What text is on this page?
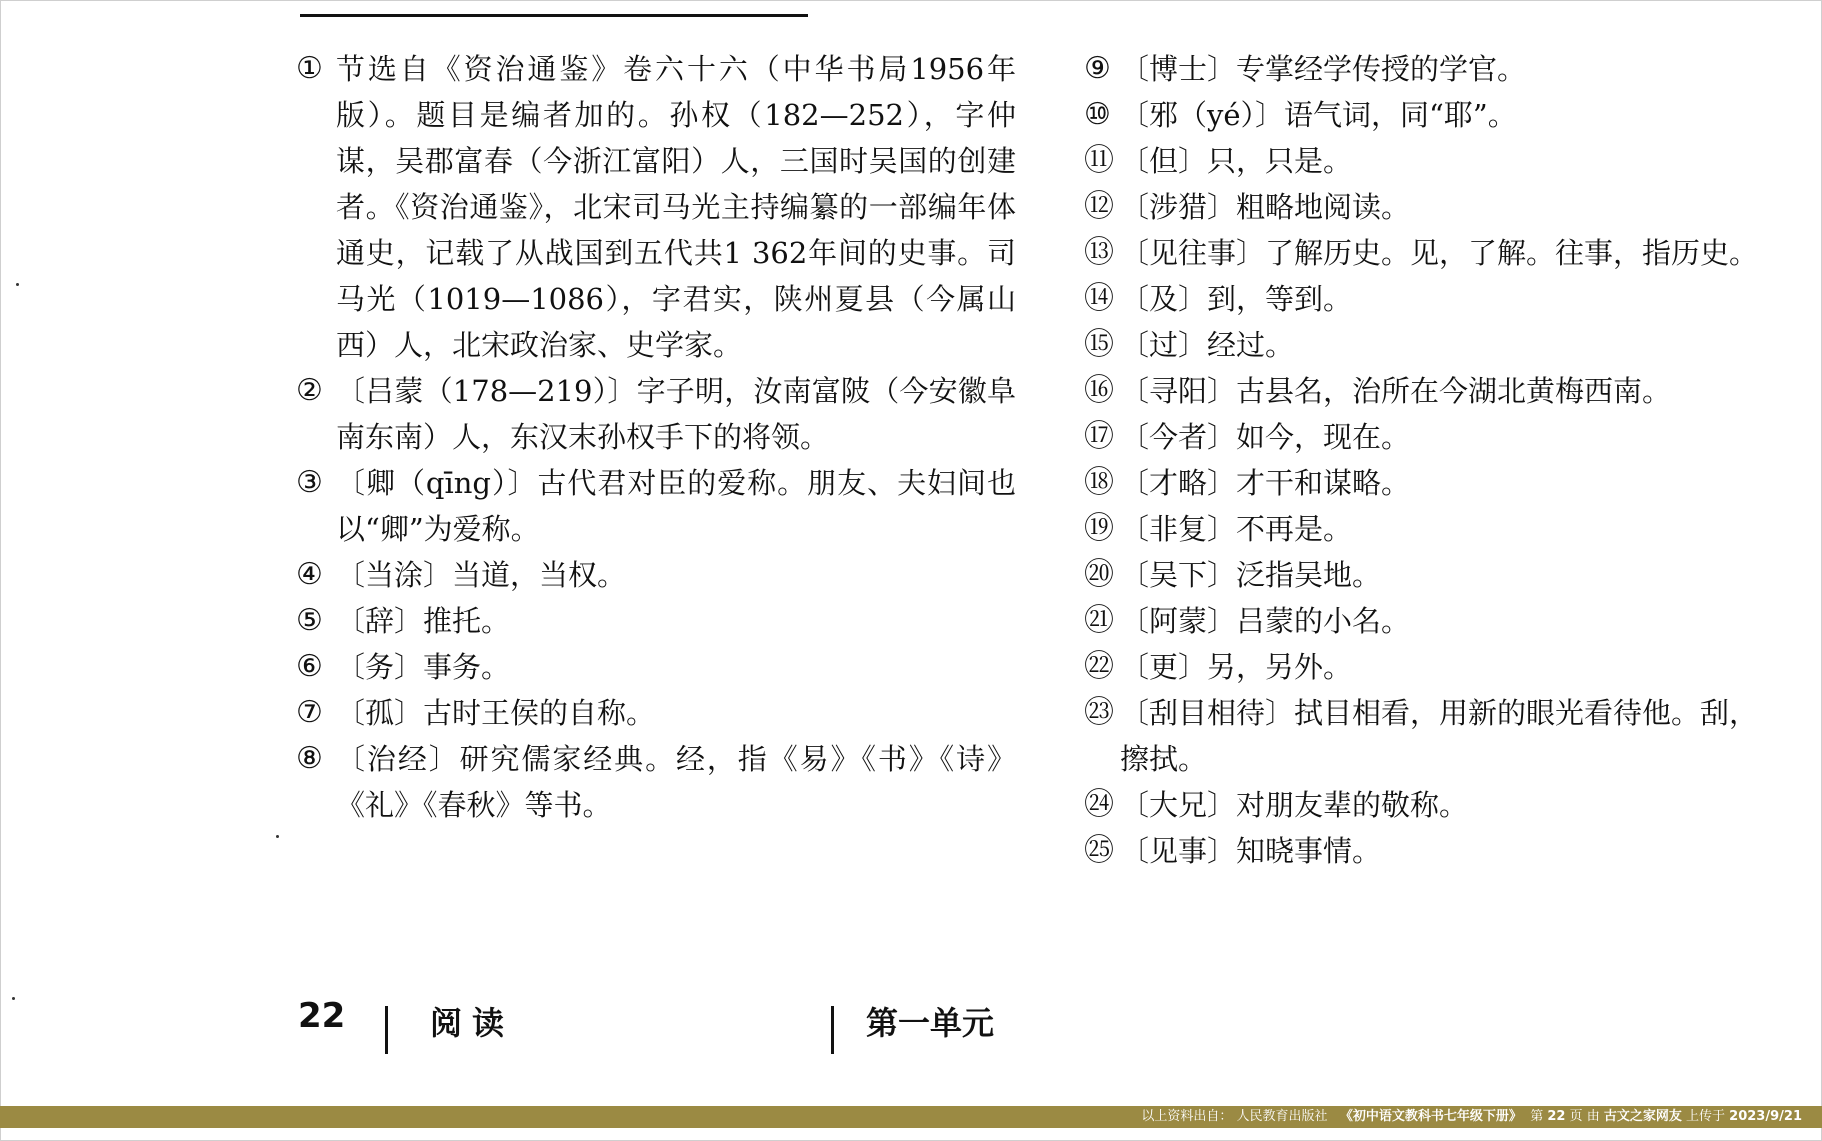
① 节选自《资治通鉴》卷六十六（中华书局1956年版）。题目是编者加的。孙权（182—252），字仲谋，吴郡富春（今浙江富阳）人，三国时吴国的创建者。《资治通鉴》，北宋司马光主持编纂的一部编年体通史，记载了从战国到五代共1 362年间的史事。司马光（1019—1086），字君实，陕州夏县（今属山西）人，北宋政治家、史学家。
② 〔吕蒙（178—219）〕字子明，汝南富陂（今安徽阜南东南）人，东汉末孙权手下的将领。
③ 〔卿（qīng）〕古代君对臣的爱称。朋友、夫妇间也以“卿”为爱称。
④ 〔当涂〕当道，当权。
⑤ 〔辞〕推托。
⑥ 〔务〕事务。
⑦ 〔孤〕古时王侯的自称。
⑧ 〔治经〕研究儒家经典。经，指《易》《书》《诗》《礼》《春秋》等书。
⑨ 〔博士〕专掌经学传授的学官。
⑩ 〔邪（yé）〕语气词，同“耶”。
⑪ 〔但〕只，只是。
⑫ 〔涉猎〕粗略地阅读。
⑬ 〔见往事〕了解历史。见，了解。往事，指历史。
⑭ 〔及〕到，等到。
⑮ 〔过〕经过。
⑯ 〔寻阳〕古县名，治所在今湖北黄梅西南。
⑰ 〔今者〕如今，现在。
⑱ 〔才略〕才干和谋略。
⑲ 〔非复〕不再是。
⑳ 〔吴下〕泛指吴地。
㉑ 〔阿蒙〕吕蒙的小名。
㉒ 〔更〕另，另外。
㉓ 〔刮目相待〕拭目相看，用新的眼光看待他。刮，擦拭。
㉔ 〔大兄〕对朋友辈的敬称。
㉕ 〔见事〕知晓事情。
22	阅读	第一单元
以上资料出自： 人民教育出版社 《初中语文教科书七年级下册》 第 22 页 由 古文之家网友 上传于 2023/9/21
